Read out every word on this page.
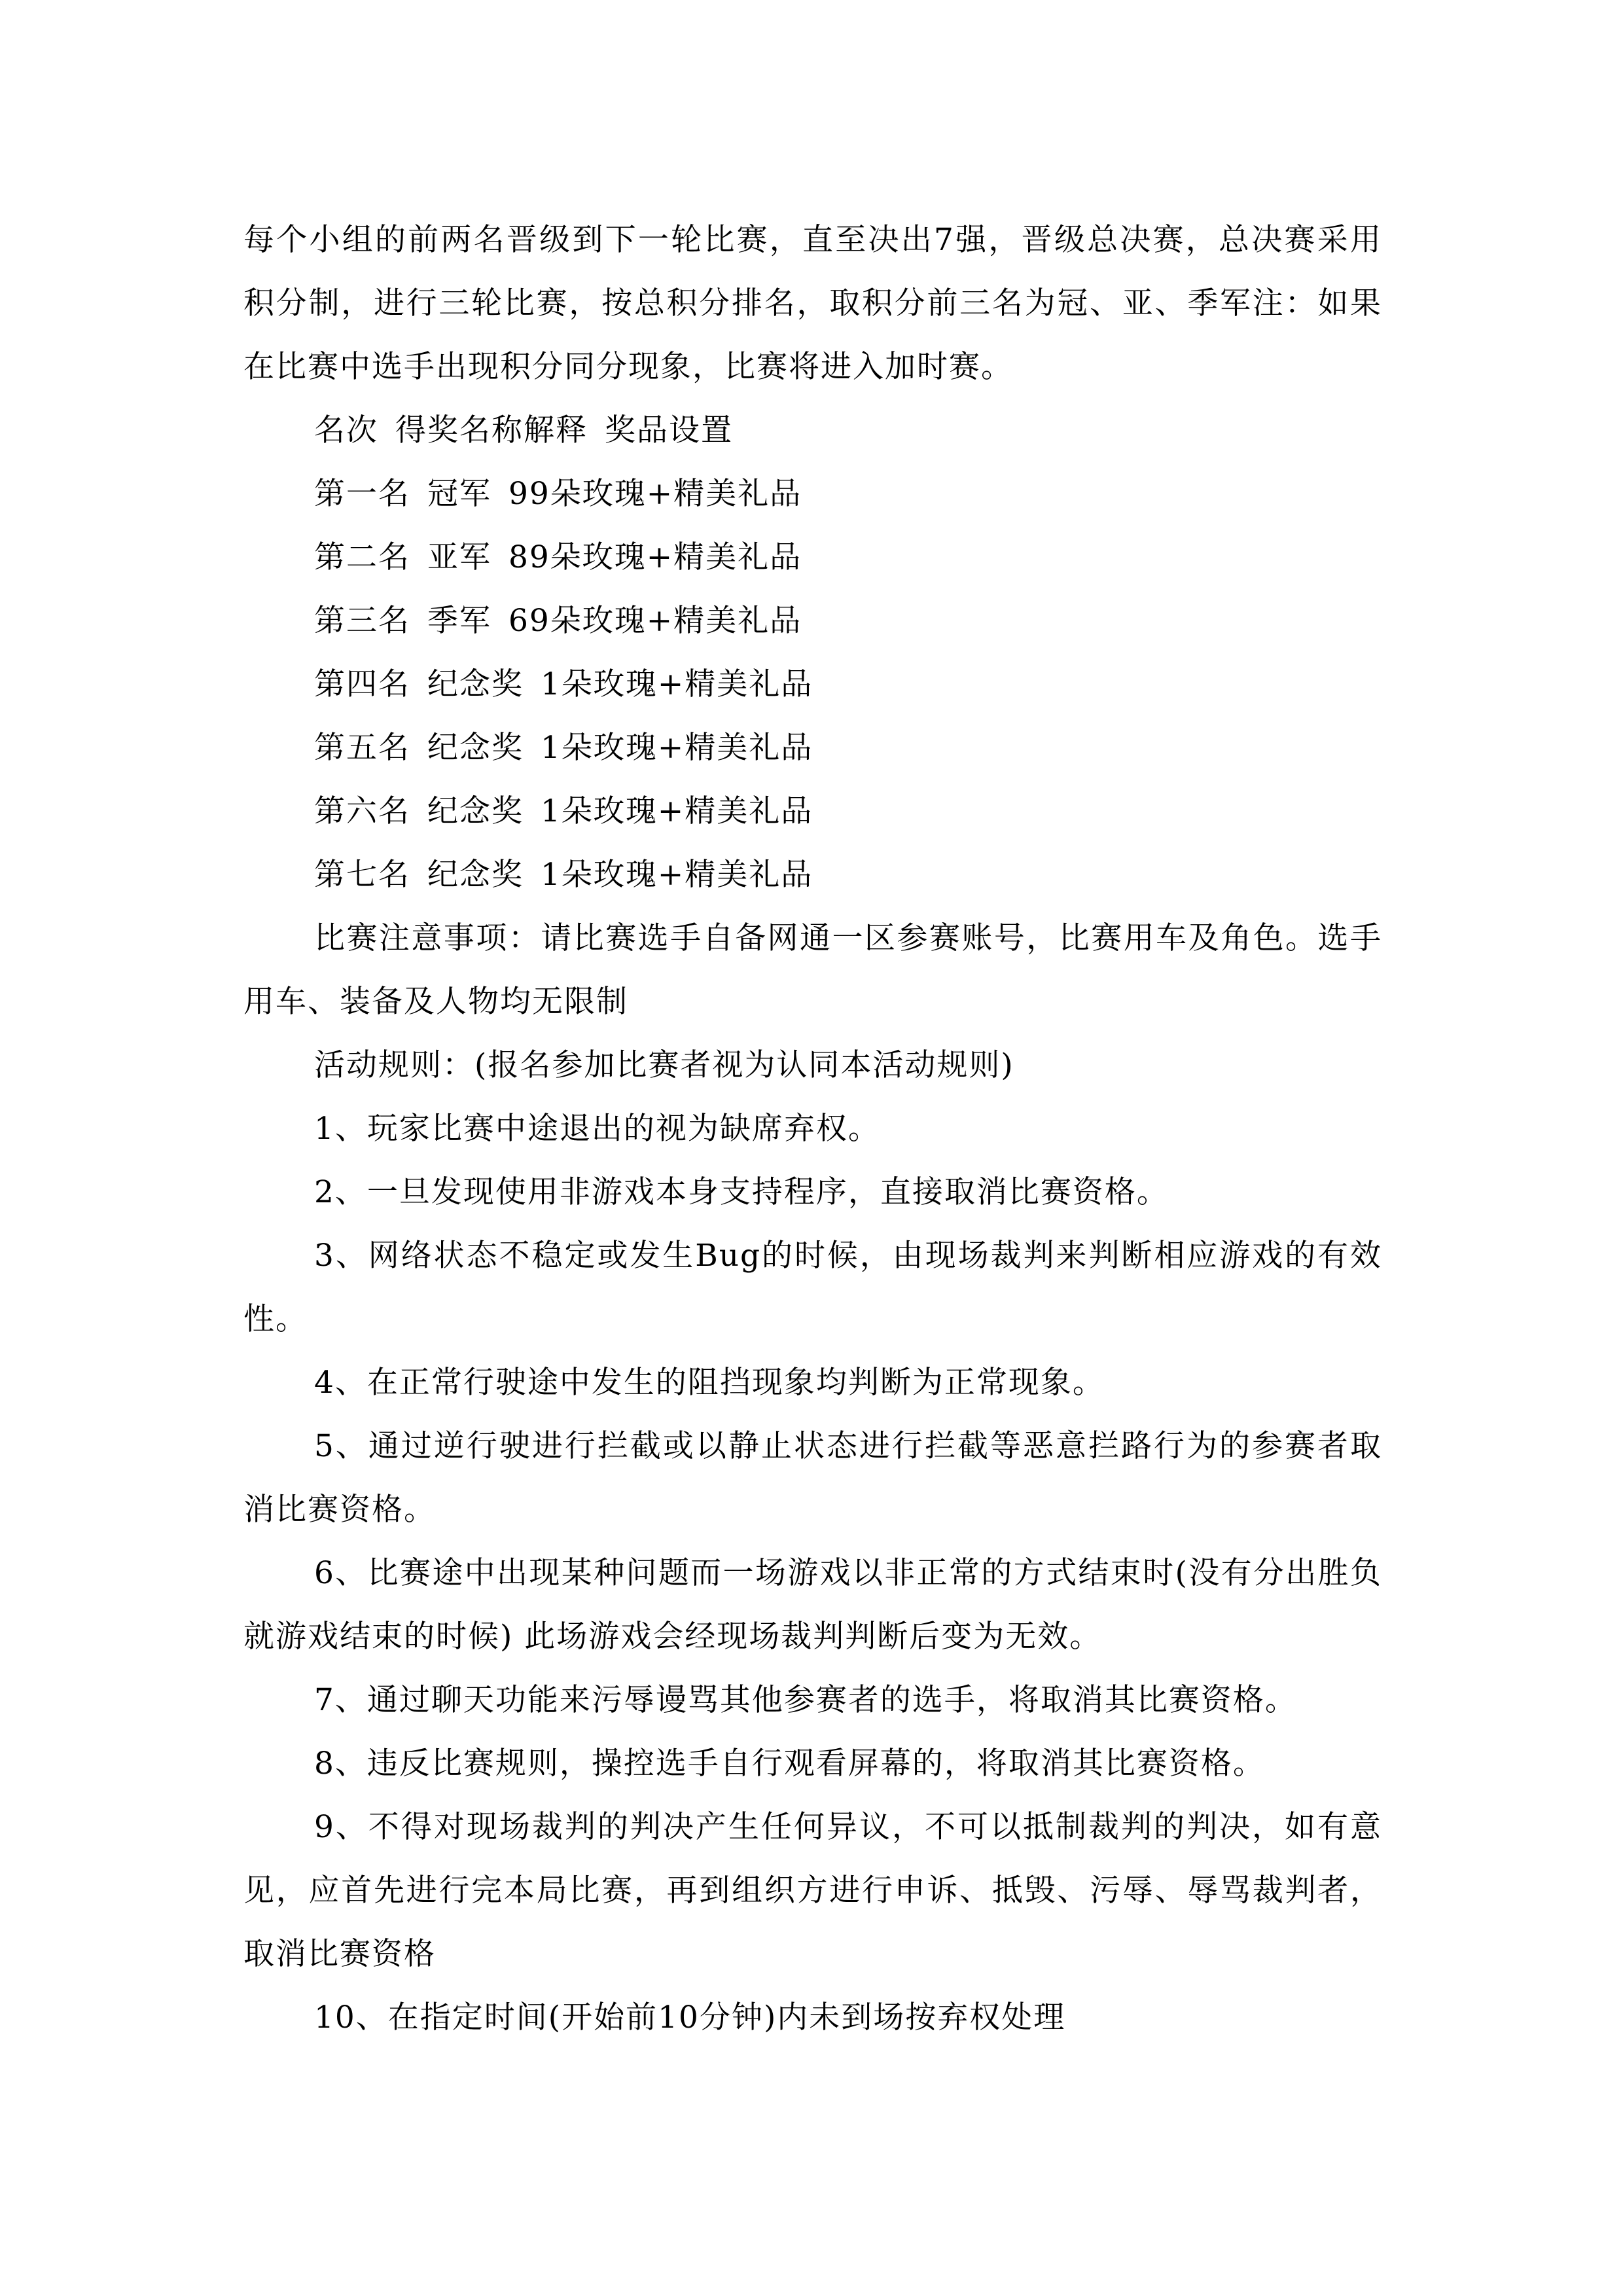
每个小组的前两名晋级到下一轮比赛，直至决出7强，晋级总决赛，总决赛采用积分制，进行三轮比赛，按总积分排名，取积分前三名为冠、亚、季军注：如果在比赛中选手出现积分同分现象，比赛将进入加时赛。

名次 得奖名称解释 奖品设置

第一名 冠军 99朵玫瑰+精美礼品

第二名 亚军 89朵玫瑰+精美礼品

第三名 季军 69朵玫瑰+精美礼品

第四名 纪念奖 1朵玫瑰+精美礼品

第五名 纪念奖 1朵玫瑰+精美礼品

第六名 纪念奖 1朵玫瑰+精美礼品

第七名 纪念奖 1朵玫瑰+精美礼品

比赛注意事项：请比赛选手自备网通一区参赛账号，比赛用车及角色。选手用车、装备及人物均无限制

活动规则：(报名参加比赛者视为认同本活动规则)

1、玩家比赛中途退出的视为缺席弃权。

2、一旦发现使用非游戏本身支持程序，直接取消比赛资格。

3、网络状态不稳定或发生Bug的时候，由现场裁判来判断相应游戏的有效性。

4、在正常行驶途中发生的阻挡现象均判断为正常现象。

5、通过逆行驶进行拦截或以静止状态进行拦截等恶意拦路行为的参赛者取消比赛资格。

6、比赛途中出现某种问题而一场游戏以非正常的方式结束时(没有分出胜负就游戏结束的时候) 此场游戏会经现场裁判判断后变为无效。

7、通过聊天功能来污辱谩骂其他参赛者的选手，将取消其比赛资格。

8、违反比赛规则，操控选手自行观看屏幕的，将取消其比赛资格。

9、不得对现场裁判的判决产生任何异议，不可以抵制裁判的判决，如有意见，应首先进行完本局比赛，再到组织方进行申诉、抵毁、污辱、辱骂裁判者，取消比赛资格

10、在指定时间(开始前10分钟)内未到场按弃权处理
